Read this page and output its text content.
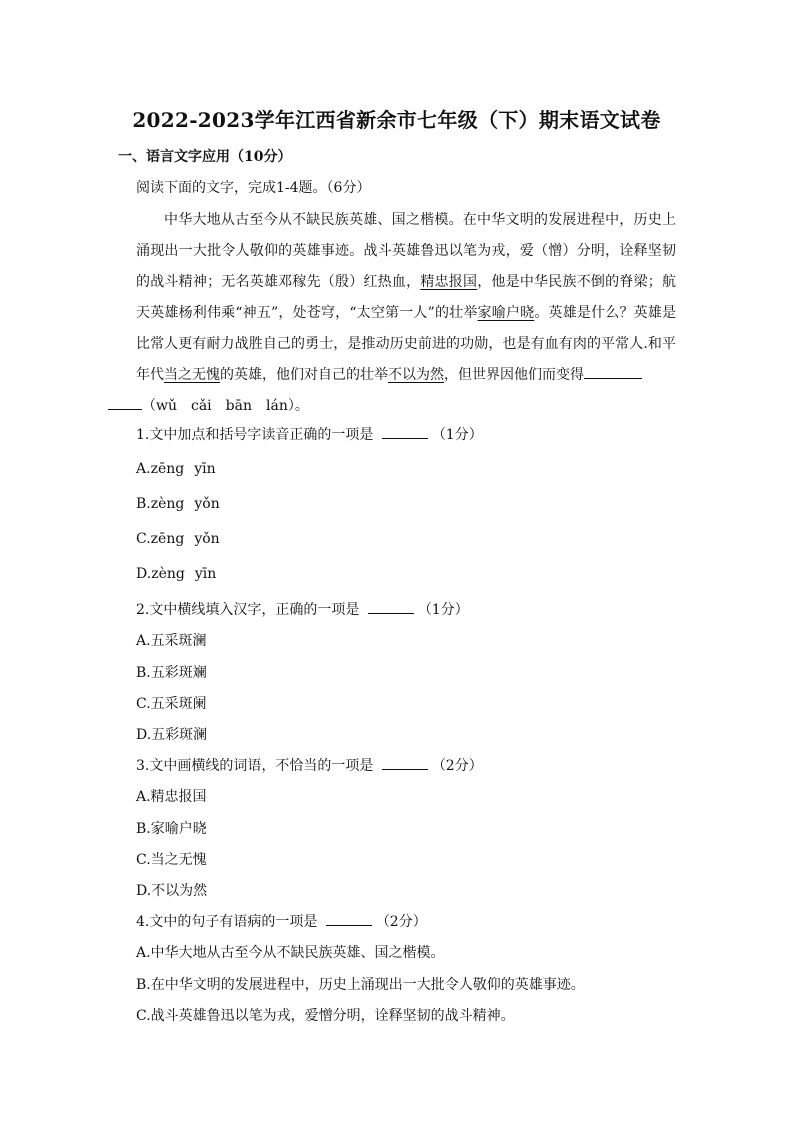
2022-2023学年江西省新余市七年级（下）期末语文试卷
一、语言文字应用（10分）
阅读下面的文字，完成1-4题。（6分）
中华大地从古至今从不缺民族英雄、国之楷模。在中华文明的发展进程中，历史上涌现出一大批令人敬仰的英雄事迹。战斗英雄鲁迅以笔为戎，爱（憎）分明，诠释坚韧的战斗精神；无名英雄邓稼先（殷）红热血，精忠报国，他是中华民族不倒的脊梁；航天英雄杨利伟乘“神五”，处苍穹，“太空第一人”的壮举家喻户晓。英雄是什么？英雄是比常人更有耐力战胜自己的勇士，是推动历史前进的功勋，也是有血有肉的平常人.和平年代当之无愧的英雄，他们对自己的壮举不以为然，但世界因他们而变得
（wǔ　cǎi　bān　lán）。
1.文中加点和括号字读音正确的一项是	（1分）
A.zēng yīn
B.zèng yǒn
C.zēng yǒn
D.zèng yīn
2.文中横线填入汉字，正确的一项是	（1分）
A.五采斑澜
B.五彩斑斓
C.五采斑阑
D.五彩斑澜
3.文中画横线的词语，不恰当的一项是	（2分）
A.精忠报国
B.家喻户晓
C.当之无愧
D.不以为然
4.文中的句子有语病的一项是	（2分）
A.中华大地从古至今从不缺民族英雄、国之楷模。
B.在中华文明的发展进程中，历史上涌现出一大批令人敬仰的英雄事迹。
C.战斗英雄鲁迅以笔为戎，爱憎分明，诠释坚韧的战斗精神。
